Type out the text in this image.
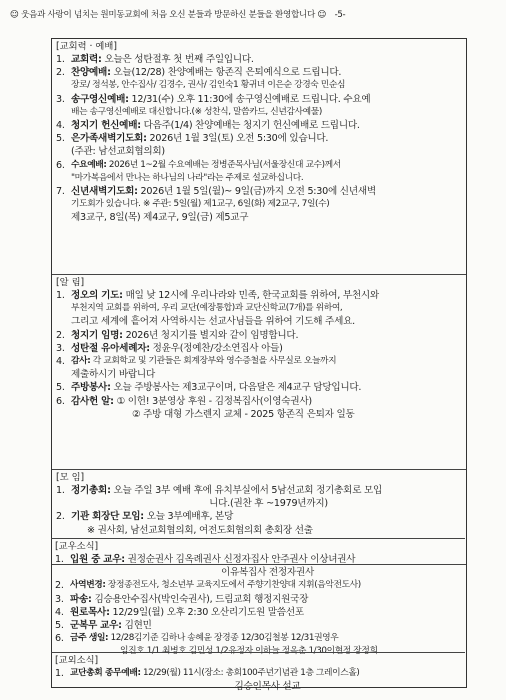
☺ 웃음과 사랑이 넘치는 원미동교회에 처음 오신 분들과 방문하신 분들을 환영합니다 ☺ -5-
[교회력 · 예배]
1. 교회력: 오늘은 성탄절후 첫 번째 주일입니다.
2. 찬양예배: 오늘(12/28) 찬양예배는 항존직 은퇴예식으로 드립니다.
장로/ 정석봉, 안수집사/ 김경수, 권사/ 김인숙1 황귀녀 이은순 강경숙 민순심
3. 송구영신예배: 12/31(수) 오후 11:30에 송구영신예배로 드립니다. 수요예
배는 송구영신예배로 대신합니다.(※ 성찬식, 말씀카드, 신년감사예물)
4. 청지기 헌신예배: 다음주(1/4) 찬양예배는 청지기 헌신예배로 드립니다.
5. 은가족새벽기도회: 2026년 1월 3일(토) 오전 5:30에 있습니다.
(주관: 남선교회협의회)
6. 수요예배: 2026년 1~2월 수요예배는 정병준목사님(서울장신대 교수)께서
"마가복음에서 만나는 하나님의 나라"라는 주제로 설교하십니다.
7. 신년새벽기도회: 2026년 1월 5일(월)~ 9일(금)까지 오전 5:30에 신년새벽
기도회가 있습니다. ※ 주관: 5일(월) 제1교구, 6일(화) 제2교구, 7일(수)
제3교구, 8일(목) 제4교구, 9일(금) 제5교구
[알 림]
1. 정오의 기도: 매일 낮 12시에 우리나라와 민족, 한국교회를 위하여, 부천시와
부천지역 교회를 위하여, 우리 교단(예장통합)과 교단신학교(7개)를 위하여,
그리고 세계에 흩어져 사역하시는 선교사님들을 위하여 기도해 주세요.
2. 청지기 임명: 2026년 청지기를 별지와 같이 임명합니다.
3. 성탄절 유아세례자: 정윤우(정예찬/강소연집사 아들)
4. 감사: 각 교회학교 및 기관들은 회계장부와 영수증철을 사무실로 오늘까지
제출하시기 바랍니다
5. 주방봉사: 오늘 주방봉사는 제3교구이며, 다음달은 제4교구 담당입니다.
6. 감사헌 알: ① 이헌! 3분영상 후원 - 김정복집사(이영숙권사)
② 주방 대형 가스렌지 교체 - 2025 항존직 은퇴자 일동
[모 임]
1. 정기총회: 오늘 주일 3부 예배 후에 유치부실에서 5남선교회 정기총회로 모입
니다.(권찬 후 ~1979년까지)
2. 기관 회장단 모임: 오늘 3부예배후, 본당
※ 권사회, 남선교회협의회, 여전도회협의회 총회장 선출
[교우소식]
1. 입원 중 교우: 권정순권사 김옥례권사 신정자집사 안주권사 이상녀권사
이유복집사 전정자권사
2. 사역변경: 장정종전도사, 청소년부 교육지도에서 주향기찬양대 지휘(음악전도사)
3. 파송: 김승용안수집사(박인숙권사), 드림교회 행정지원국장
4. 원로목사: 12/29일(월) 오후 2:30 오산리기도원 말씀선포
5. 군복무 교우: 김현민
6. 금주 생일: 12/28김기준 김하나 송혜윤 장경종 12/30김철봉 12/31권영우
임진호 1/1 최병호 김민성 1/2유정자 이하늘 정옥춘 1/30이현정 장정희
[교외소식]
1. 교단총회 종무예배: 12/29(월) 11시(장소: 총회100주년기념관 1층 그레이스홀)
김승인목사 설교
